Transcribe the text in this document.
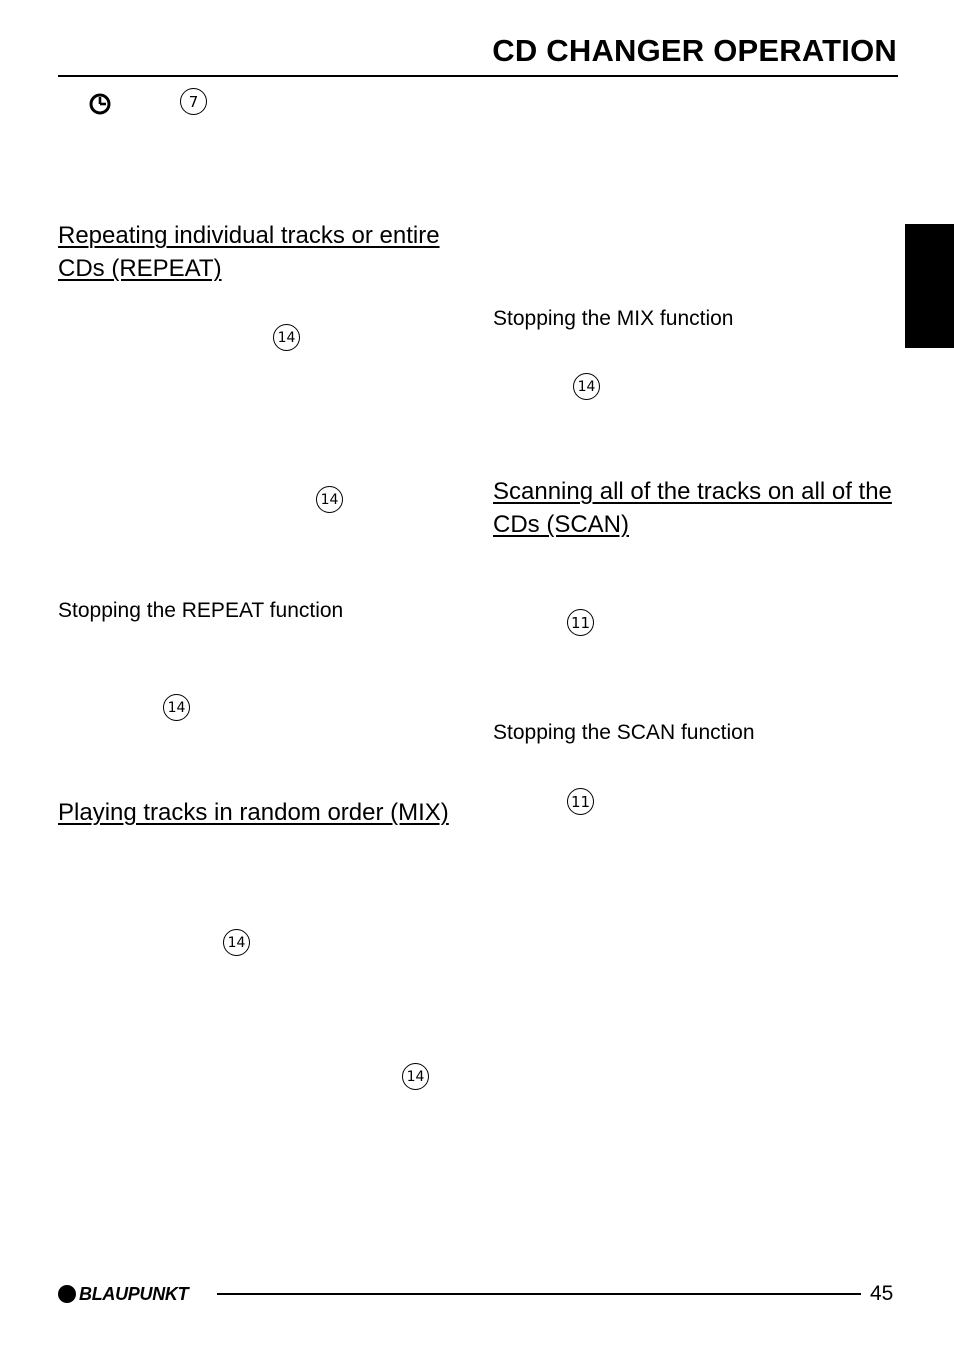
CD CHANGER OPERATION
7
Repeating individual tracks or entire CDs (REPEAT)
14
14
Stopping the REPEAT function
14
Playing tracks in random order (MIX)
14
14
Stopping the MIX function
14
Scanning all of the tracks on all of the CDs (SCAN)
11
Stopping the SCAN function
11
BLAUPUNKT	45
